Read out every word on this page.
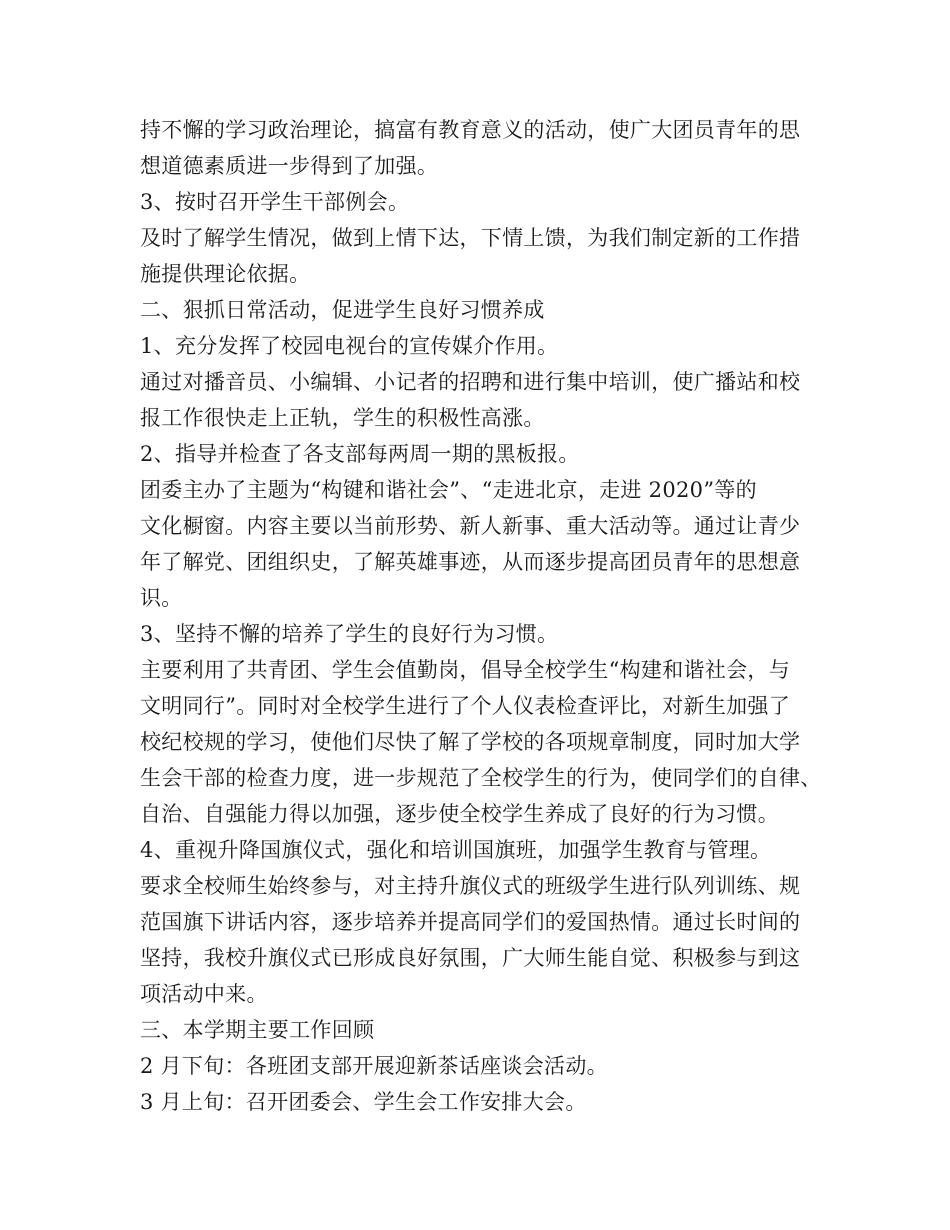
持不懈的学习政治理论，搞富有教育意义的活动，使广大团员青年的思
想道德素质进一步得到了加强。
3、按时召开学生干部例会。
及时了解学生情况，做到上情下达，下情上馈，为我们制定新的工作措
施提供理论依据。
二、狠抓日常活动，促进学生良好习惯养成
1、充分发挥了校园电视台的宣传媒介作用。
通过对播音员、小编辑、小记者的招聘和进行集中培训，使广播站和校
报工作很快走上正轨，学生的积极性高涨。
2、指导并检查了各支部每两周一期的黑板报。
团委主办了主题为“构键和谐社会”、“走进北京，走进 2020”等的
文化橱窗。内容主要以当前形势、新人新事、重大活动等。通过让青少
年了解党、团组织史，了解英雄事迹，从而逐步提高团员青年的思想意
识。
3、坚持不懈的培养了学生的良好行为习惯。
主要利用了共青团、学生会值勤岗，倡导全校学生“构建和谐社会，与
文明同行”。同时对全校学生进行了个人仪表检查评比，对新生加强了
校纪校规的学习，使他们尽快了解了学校的各项规章制度，同时加大学
生会干部的检查力度，进一步规范了全校学生的行为，使同学们的自律、
自治、自强能力得以加强，逐步使全校学生养成了良好的行为习惯。
4、重视升降国旗仪式，强化和培训国旗班，加强学生教育与管理。
要求全校师生始终参与，对主持升旗仪式的班级学生进行队列训练、规
范国旗下讲话内容，逐步培养并提高同学们的爱国热情。通过长时间的
坚持，我校升旗仪式已形成良好氛围，广大师生能自觉、积极参与到这
项活动中来。
三、本学期主要工作回顾
2 月下旬：各班团支部开展迎新茶话座谈会活动。
3 月上旬：召开团委会、学生会工作安排大会。
